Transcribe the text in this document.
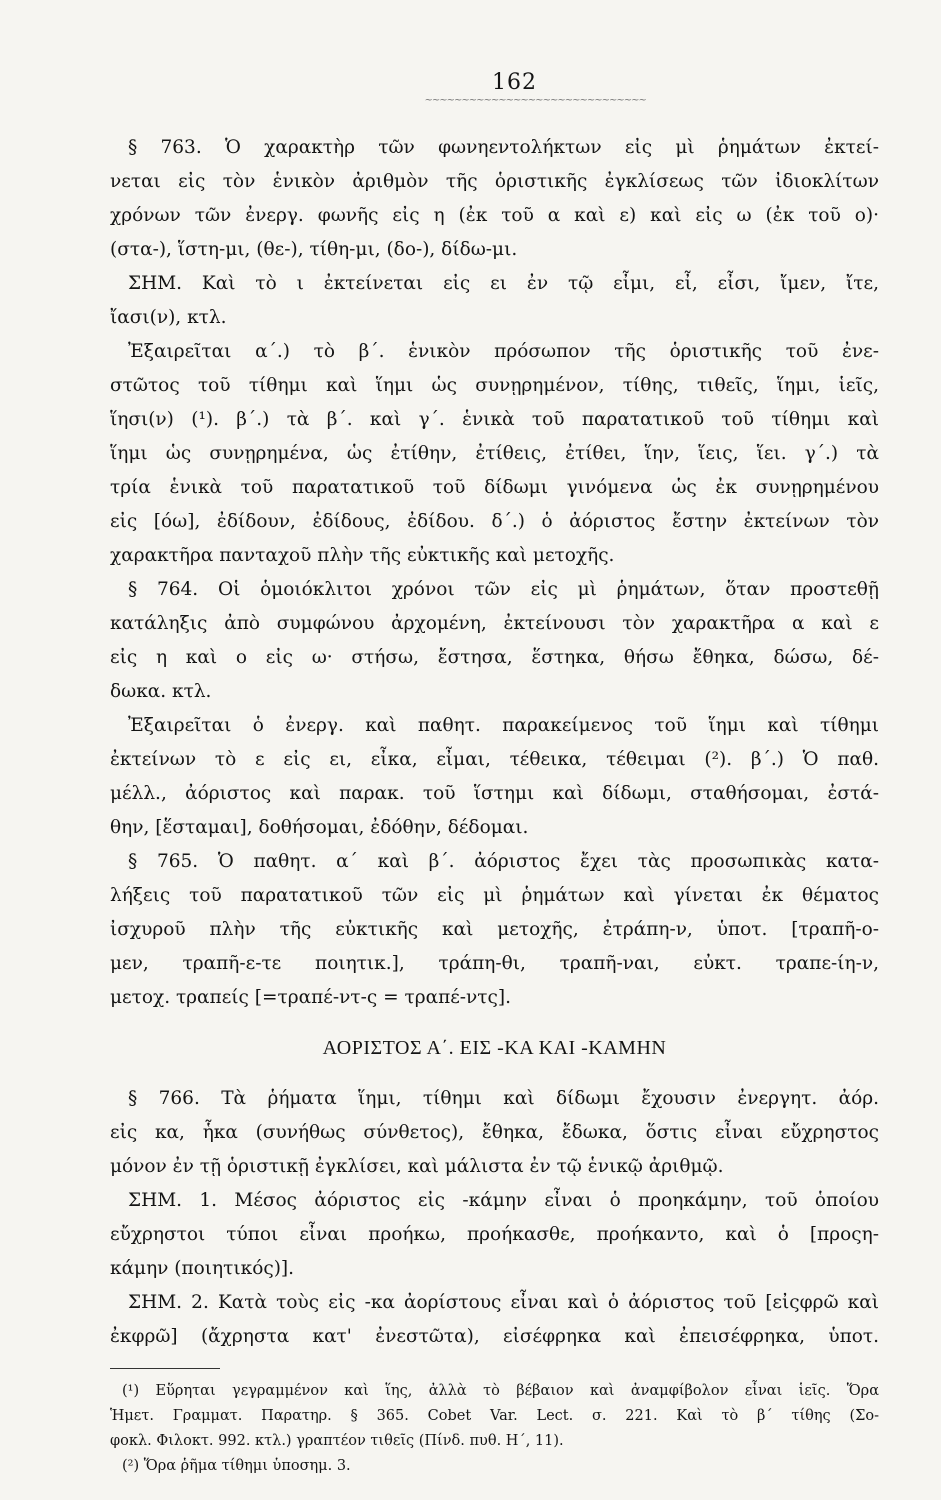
162
~~~~~~~~~~~~~~~~~~~~~~~~~~~~~~
§ 763. Ὁ χαρακτὴρ τῶν φωνηεντολήκτων εἰς μὶ ῥημάτων ἐκτεί-
νεται εἰς τὸν ἑνικὸν ἀριθμὸν τῆς ὁριστικῆς ἐγκλίσεως τῶν ἰδιοκλίτων
χρόνων τῶν ἐνεργ. φωνῆς εἰς η (ἐκ τοῦ α καὶ ε) καὶ εἰς ω (ἐκ τοῦ ο)·
(στα-), ἵστη-μι, (θε-), τίθη-μι, (δο-), δίδω-μι.
ΣΗΜ. Καὶ τὸ ι ἐκτείνεται εἰς ει ἐν τῷ εἶμι, εἶ, εἶσι, ἴμεν, ἴτε,
ἴασι(ν), κτλ.
Ἐξαιρεῖται α΄.) τὸ β΄. ἑνικὸν πρόσωπον τῆς ὁριστικῆς τοῦ ἐνε-
στῶτος τοῦ τίθημι καὶ ἵημι ὡς συνῃρημένον, τίθης, τιθεῖς, ἵημι, ἱεῖς,
ἵησι(ν) (¹). β΄.) τὰ β΄. καὶ γ΄. ἑνικὰ τοῦ παρατατικοῦ τοῦ τίθημι καὶ
ἵημι ὡς συνῃρημένα, ὡς ἐτίθην, ἐτίθεις, ἐτίθει, ἵην, ἵεις, ἵει. γ΄.) τὰ
τρία ἑνικὰ τοῦ παρατατικοῦ τοῦ δίδωμι γινόμενα ὡς ἐκ συνῃρημένου
εἰς [όω], ἐδίδουν, ἐδίδους, ἐδίδου. δ΄.) ὁ ἀόριστος ἔστην ἐκτείνων τὸν
χαρακτῆρα πανταχοῦ πλὴν τῆς εὐκτικῆς καὶ μετοχῆς.
§ 764. Οἱ ὁμοιόκλιτοι χρόνοι τῶν εἰς μὶ ῥημάτων, ὅταν προστεθῇ
κατάληξις ἀπὸ συμφώνου ἀρχομένη, ἐκτείνουσι τὸν χαρακτῆρα α καὶ ε
εἰς η καὶ ο εἰς ω· στήσω, ἔστησα, ἕστηκα, θήσω ἔθηκα, δώσω, δέ-
δωκα. κτλ.
Ἐξαιρεῖται ὁ ἐνεργ. καὶ παθητ. παρακείμενος τοῦ ἵημι καὶ τίθημι
ἐκτείνων τὸ ε εἰς ει, εἶκα, εἶμαι, τέθεικα, τέθειμαι (²). β΄.) Ὁ παθ.
μέλλ., ἀόριστος καὶ παρακ. τοῦ ἵστημι καὶ δίδωμι, σταθήσομαι, ἐστά-
θην, [ἕσταμαι], δοθήσομαι, ἐδόθην, δέδομαι.
§ 765. Ὁ παθητ. α΄ καὶ β΄. ἀόριστος ἔχει τὰς προσωπικὰς κατα-
λήξεις τοῦ παρατατικοῦ τῶν εἰς μὶ ῥημάτων καὶ γίνεται ἐκ θέματος
ἰσχυροῦ πλὴν τῆς εὐκτικῆς καὶ μετοχῆς, ἐτράπη-ν, ὑποτ. [τραπῆ-ο-
μεν, τραπῆ-ε-τε ποιητικ.], τράπη-θι, τραπῆ-ναι, εὐκτ. τραπε-ίη-ν,
μετοχ. τραπείς [=τραπέ-ντ-ς = τραπέ-ντς].
ΑΟΡΙΣΤΟΣ Α΄. ΕΙΣ -ΚΑ ΚΑΙ -ΚΑΜΗΝ
§ 766. Τὰ ῥήματα ἵημι, τίθημι καὶ δίδωμι ἔχουσιν ἐνεργητ. ἀόρ.
εἰς κα, ἧκα (συνήθως σύνθετος), ἔθηκα, ἔδωκα, ὅστις εἶναι εὔχρηστος
μόνον ἐν τῇ ὁριστικῇ ἐγκλίσει, καὶ μάλιστα ἐν τῷ ἑνικῷ ἀριθμῷ.
ΣΗΜ. 1. Μέσος ἀόριστος εἰς -κάμην εἶναι ὁ προηκάμην, τοῦ ὁποίου
εὔχρηστοι τύποι εἶναι προήκω, προήκασθε, προήκαντο, καὶ ὁ [προςη-
κάμην (ποιητικός)].
ΣΗΜ. 2. Κατὰ τοὺς εἰς -κα ἀορίστους εἶναι καὶ ὁ ἀόριστος τοῦ [εἰςφρῶ καὶ
ἐκφρῶ] (ἄχρηστα κατ' ἐνεστῶτα), εἰσέφρηκα καὶ ἐπεισέφρηκα, ὑποτ.
(¹) Εὕρηται γεγραμμένον καὶ ἵης, ἀλλὰ τὸ βέβαιον καὶ ἀναμφίβολον εἶναι ἱεῖς. Ὅρα
Ἡμετ. Γραμματ. Παρατηρ. § 365. Cobet Var. Lect. σ. 221. Καὶ τὸ β΄ τίθης (Σο-
φοκλ. Φιλοκτ. 992. κτλ.) γραπτέον τιθεῖς (Πίνδ. πυθ. Η΄, 11).
(²) Ὅρα ῥῆμα τίθημι ὑποσημ. 3.
